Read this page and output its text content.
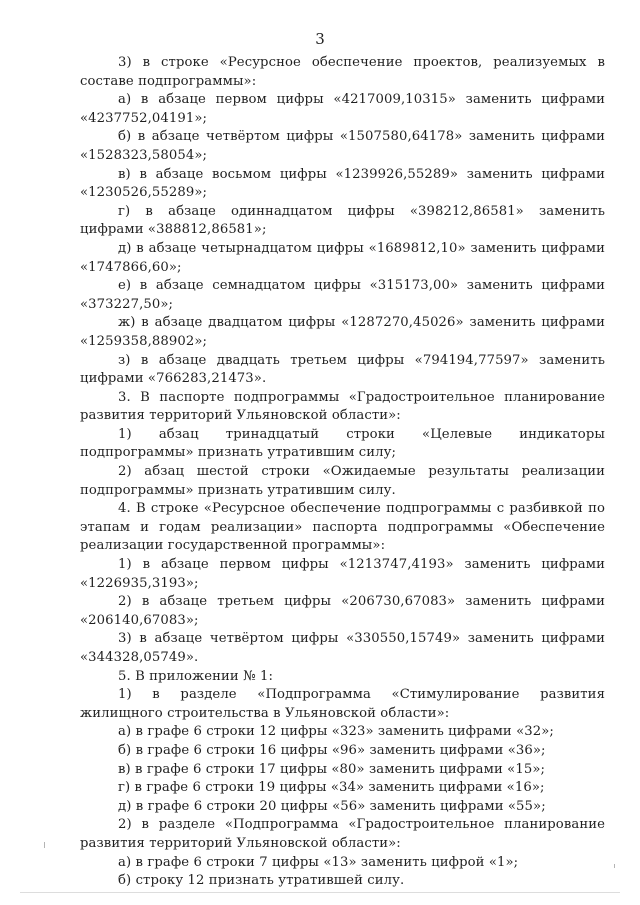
3

3) в строке «Ресурсное обеспечение проектов, реализуемых в составе подпрограммы»:

а) в абзаце первом цифры «4217009,10315» заменить цифрами «4237752,04191»;

б) в абзаце четвёртом цифры «1507580,64178» заменить цифрами «1528323,58054»;

в) в абзаце восьмом цифры «1239926,55289» заменить цифрами «1230526,55289»;

г) в абзаце одиннадцатом цифры «398212,86581» заменить цифрами «388812,86581»;

д) в абзаце четырнадцатом цифры «1689812,10» заменить цифрами «1747866,60»;

е) в абзаце семнадцатом цифры «315173,00» заменить цифрами «373227,50»;

ж) в абзаце двадцатом цифры «1287270,45026» заменить цифрами «1259358,88902»;

з) в абзаце двадцать третьем цифры «794194,77597» заменить цифрами «766283,21473».

3. В паспорте подпрограммы «Градостроительное планирование развития территорий Ульяновской области»:

1) абзац тринадцатый строки «Целевые индикаторы подпрограммы» признать утратившим силу;

2) абзац шестой строки «Ожидаемые результаты реализации подпрограммы» признать утратившим силу.

4. В строке «Ресурсное обеспечение подпрограммы с разбивкой по этапам и годам реализации» паспорта подпрограммы «Обеспечение реализации государственной программы»:

1) в абзаце первом цифры «1213747,4193» заменить цифрами «1226935,3193»;

2) в абзаце третьем цифры «206730,67083» заменить цифрами «206140,67083»;

3) в абзаце четвёртом цифры «330550,15749» заменить цифрами «344328,05749».

5. В приложении № 1:

1) в разделе «Подпрограмма «Стимулирование развития жилищного строительства в Ульяновской области»:

а) в графе 6 строки 12 цифры «323» заменить цифрами «32»;

б) в графе 6 строки 16 цифры «96» заменить цифрами «36»;

в) в графе 6 строки 17 цифры «80» заменить цифрами «15»;

г) в графе 6 строки 19 цифры «34» заменить цифрами «16»;

д) в графе 6 строки 20 цифры «56» заменить цифрами «55»;

2) в разделе «Подпрограмма «Градостроительное планирование развития территорий Ульяновской области»:

а) в графе 6 строки 7 цифры «13» заменить цифрой «1»;

б) строку 12 признать утратившей силу.
